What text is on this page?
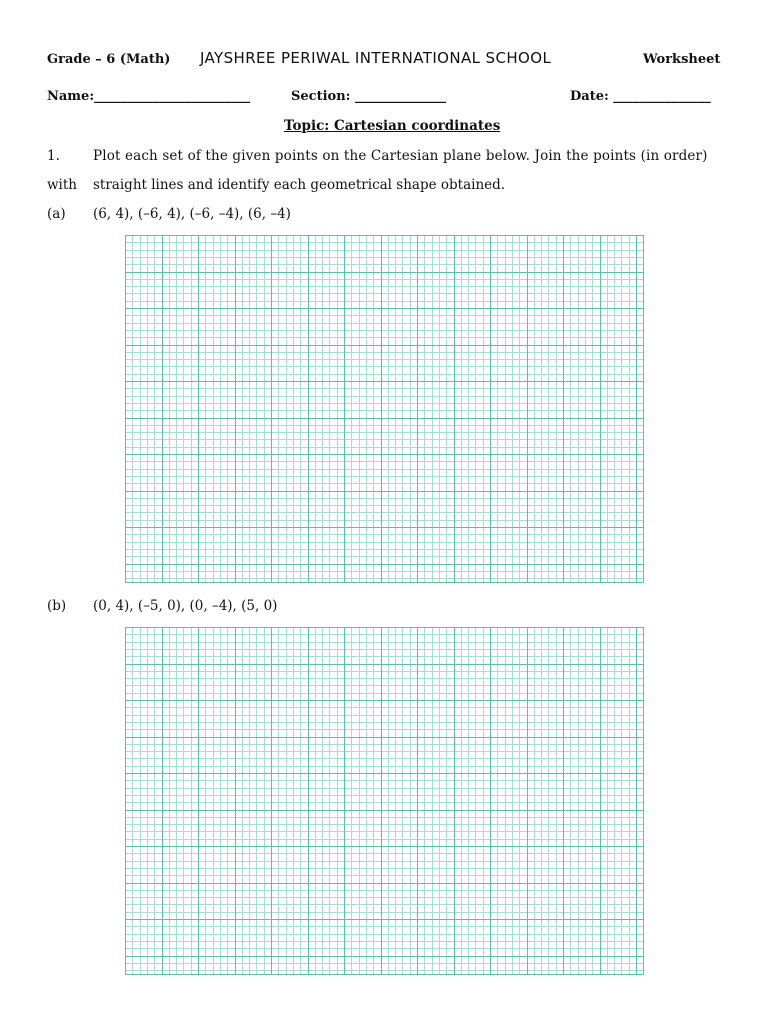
Grade – 6 (Math) JAYSHREE PERIWAL INTERNATIONAL SCHOOL	Worksheet
Name:________________________	Section: ______________	Date: _______________
Topic: Cartesian coordinates
1. Plot each set of the given points on the Cartesian plane below. Join the points (in order)
with straight lines and identify each geometrical shape obtained.
(a) (6, 4), (–6, 4), (–6, –4), (6, –4)
(b) (0, 4), (–5, 0), (0, –4), (5, 0)
